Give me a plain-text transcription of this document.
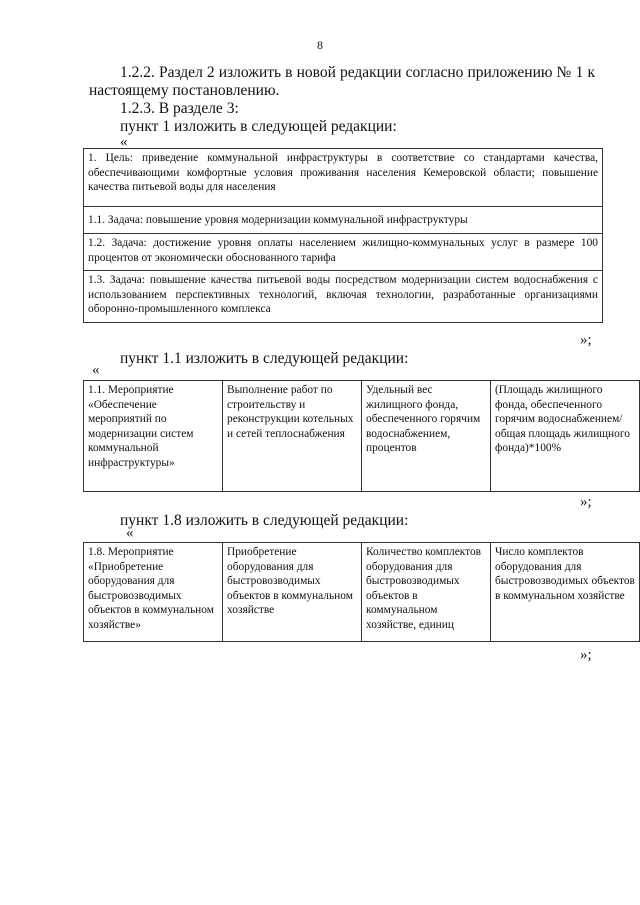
8
1.2.2. Раздел 2 изложить в новой редакции согласно приложению № 1 к настоящему постановлению.
1.2.3. В разделе 3:
пункт 1 изложить в следующей редакции:
«
1. Цель: приведение коммунальной инфраструктуры в соответствие со стандартами качества, обеспечивающими комфортные условия проживания населения Кемеровской области; повышение качества питьевой воды для населения
1.1. Задача: повышение уровня модернизации коммунальной инфраструктуры
1.2. Задача: достижение уровня оплаты населением жилищно-коммунальных услуг в размере 100 процентов от экономически обоснованного тарифа
1.3. Задача: повышение качества питьевой воды посредством модернизации систем водоснабжения с использованием перспективных технологий, включая технологии, разработанные организациями оборонно-промышленного комплекса
»;
пункт 1.1 изложить в следующей редакции:
«
1.1. Мероприятие «Обеспечение мероприятий по модернизации систем коммунальной инфраструктуры»	Выполнение работ по строительству и реконструкции котельных и сетей теплоснабжения	Удельный вес жилищного фонда, обеспеченного горячим водоснабжением, процентов	(Площадь жилищного фонда, обеспеченного горячим водоснабжением/ общая площадь жилищного фонда)*100%
»;
пункт 1.8 изложить в следующей редакции:
«
1.8. Мероприятие «Приобретение оборудования для быстровозводимых объектов в коммунальном хозяйстве»	Приобретение оборудования для быстровозводимых объектов в коммунальном хозяйстве	Количество комплектов оборудования для быстровозводимых объектов в коммунальном хозяйстве, единиц	Число комплектов оборудования для быстровозводимых объектов в коммунальном хозяйстве
»;
